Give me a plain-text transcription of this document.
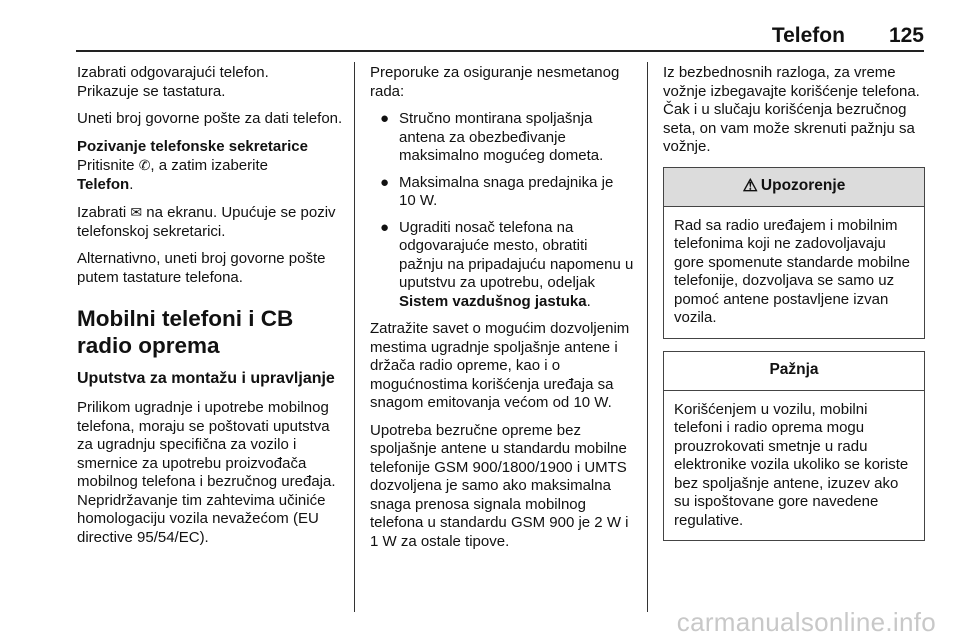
Telefon 125

Izabrati odgovarajući telefon.
Prikazuje se tastatura.

Uneti broj govorne pošte za dati telefon.

Pozivanje telefonske sekretarice

Pritisnite ✆, a zatim izaberite
Telefon.

Izabrati ✉ na ekranu. Upućuje se poziv telefonskoj sekretarici.

Alternativno, uneti broj govorne pošte putem tastature telefona.

Mobilni telefoni i CB radio oprema
Uputstva za montažu i upravljanje

Prilikom ugradnje i upotrebe mobilnog telefona, moraju se poštovati uputstva za ugradnju specifična za vozilo i smernice za upotrebu proizvođača mobilnog telefona i bezručnog uređaja. Nepridržavanje tim zahtevima učiniće homologaciju vozila nevažećom (EU directive 95/54/EC).

Preporuke za osiguranje nesmetanog rada:

● Stručno montirana spoljašnja antena za obezbeđivanje maksimalno mogućeg dometa.
● Maksimalna snaga predajnika je 10 W.
● Ugraditi nosač telefona na odgovarajuće mesto, obratiti pažnju na pripadajuću napomenu u uputstvu za upotrebu, odeljak Sistem vazdušnog jastuka.

Zatražite savet o mogućim dozvoljenim mestima ugradnje spoljašnje antene i držača radio opreme, kao i o mogućnostima korišćenja uređaja sa snagom emitovanja većom od 10 W.

Upotreba bezručne opreme bez spoljašnje antene u standardu mobilne telefonije GSM 900/1800/1900 i UMTS dozvoljena je samo ako maksimalna snaga prenosa signala mobilnog telefona u standardu GSM 900 je 2 W i 1 W za ostale tipove.

Iz bezbednosnih razloga, za vreme vožnje izbegavajte korišćenje telefona. Čak i u slučaju korišćenja bezručnog seta, on vam može skrenuti pažnju sa vožnje.

⚠ Upozorenje
Rad sa radio uređajem i mobilnim telefonima koji ne zadovoljavaju gore spomenute standarde mobilne telefonije, dozvoljava se samo uz pomoć antene postavljene izvan vozila.
Pažnja
Korišćenjem u vozilu, mobilni telefoni i radio oprema mogu prouzrokovati smetnje u radu elektronike vozila ukoliko se koriste bez spoljašnje antene, izuzev ako su ispoštovane gore navedene regulative.
carmanualsonline.info
